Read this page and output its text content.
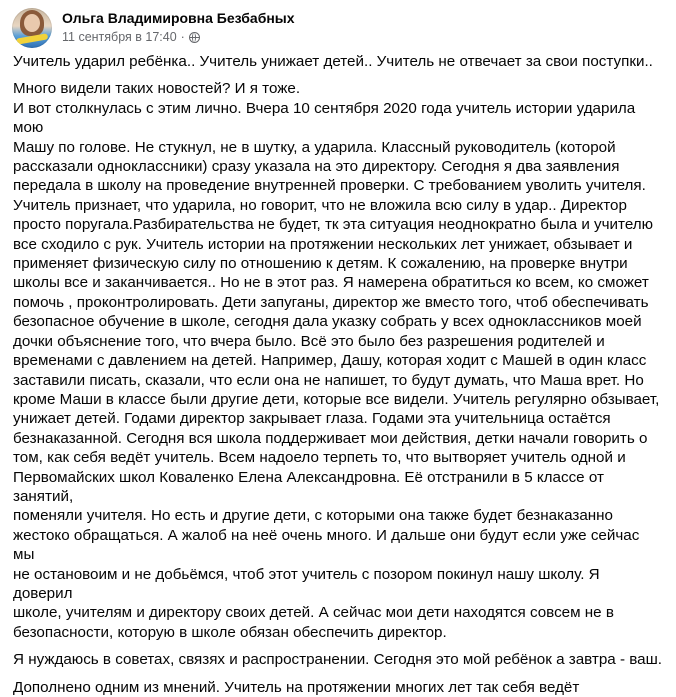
Ольга Владимировна Безбабных
11 сентября в 17:40 ·

Учитель ударил ребёнка.. Учитель унижает детей.. Учитель не отвечает за свои поступки..

Много видели таких новостей? И я тоже.
И вот столкнулась с этим лично. Вчера 10 сентября 2020 года учитель истории ударила мою
Машу по голове. Не стукнул, не в шутку, а ударила. Классный руководитель (которой
рассказали одноклассники) сразу указала на это директору. Сегодня я два заявления
передала в школу на проведение внутренней проверки. С требованием уволить учителя.
Учитель признает, что ударила, но говорит, что не вложила всю силу в удар.. Директор
просто поругала.Разбирательства не будет, тк эта ситуация неоднократно была и учителю
все сходило с рук. Учитель истории на протяжении нескольких лет унижает, обзывает и
применяет физическую силу по отношению к детям. К сожалению, на проверке внутри
школы все и заканчивается.. Но не в этот раз. Я намерена обратиться ко всем, ко сможет
помочь , проконтролировать. Дети запуганы, директор же вместо того, чтоб обеспечивать
безопасное обучение в школе, сегодня дала указку собрать у всех одноклассников моей
дочки объяснение того, что вчера было. Всё это было без разрешения родителей и
временами с давлением на детей. Например, Дашу, которая ходит с Машей в один класс
заставили писать, сказали, что если она не напишет, то будут думать, что Маша врет. Но
кроме Маши в классе были другие дети, которые все видели. Учитель регулярно обзывает,
унижает детей. Годами директор закрывает глаза. Годами эта учительница остаётся
безнаказанной. Сегодня вся школа поддерживает мои действия, детки начали говорить о
том, как себя ведёт учитель. Всем надоело терпеть то, что вытворяет учитель одной и
Первомайских школ Коваленко Елена Александровна. Её отстранили в 5 классе от занятий,
поменяли учителя. Но есть и другие дети, с которыми она также будет безнаказанно
жестоко обращаться. А жалоб на неё очень много. И дальше они будут если уже сейчас мы
не остановоим и не добьёмся, чтоб этот учитель с позором покинул нашу школу. Я доверил
школе, учителям и директору своих детей. А сейчас мои дети находятся совсем не в
безопасности, которую в школе обязан обеспечить директор.

Я нуждаюсь в советах, связях и распространении. Сегодня это мой ребёнок а завтра - ваш.

Дополнено одним из мнений. Учитель на протяжении многих лет так себя ведёт
